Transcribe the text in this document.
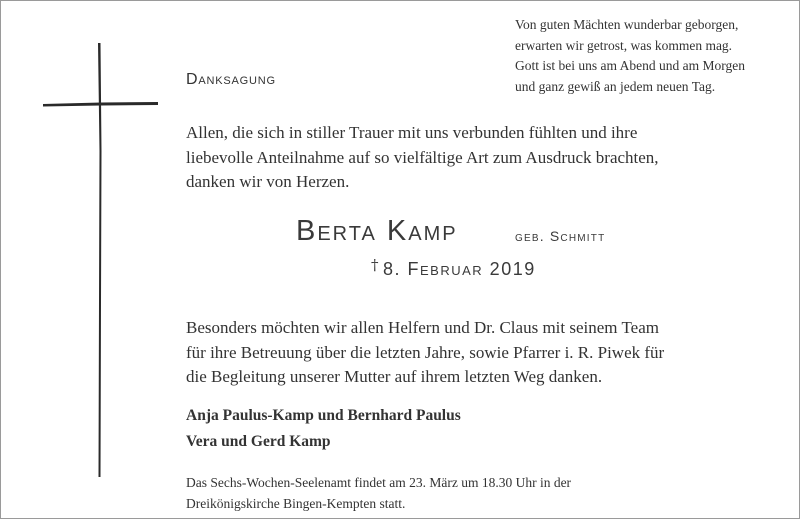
Von guten Mächten wunderbar geborgen,
erwarten wir getrost, was kommen mag.
Gott ist bei uns am Abend und am Morgen
und ganz gewiß an jedem neuen Tag.
Danksagung
Allen, die sich in stiller Trauer mit uns verbunden fühlten und ihre
liebevolle Anteilnahme auf so vielfältige Art zum Ausdruck brachten,
danken wir von Herzen.
Berta Kamp	geb. Schmitt
† 8. Februar 2019
Besonders möchten wir allen Helfern und Dr. Claus mit seinem Team
für ihre Betreuung über die letzten Jahre, sowie Pfarrer i. R. Piwek für
die Begleitung unserer Mutter auf ihrem letzten Weg danken.
Anja Paulus-Kamp und Bernhard Paulus
Vera und Gerd Kamp
Das Sechs-Wochen-Seelenamt findet am 23. März um 18.30 Uhr in der
Dreikönigskirche Bingen-Kempten statt.
